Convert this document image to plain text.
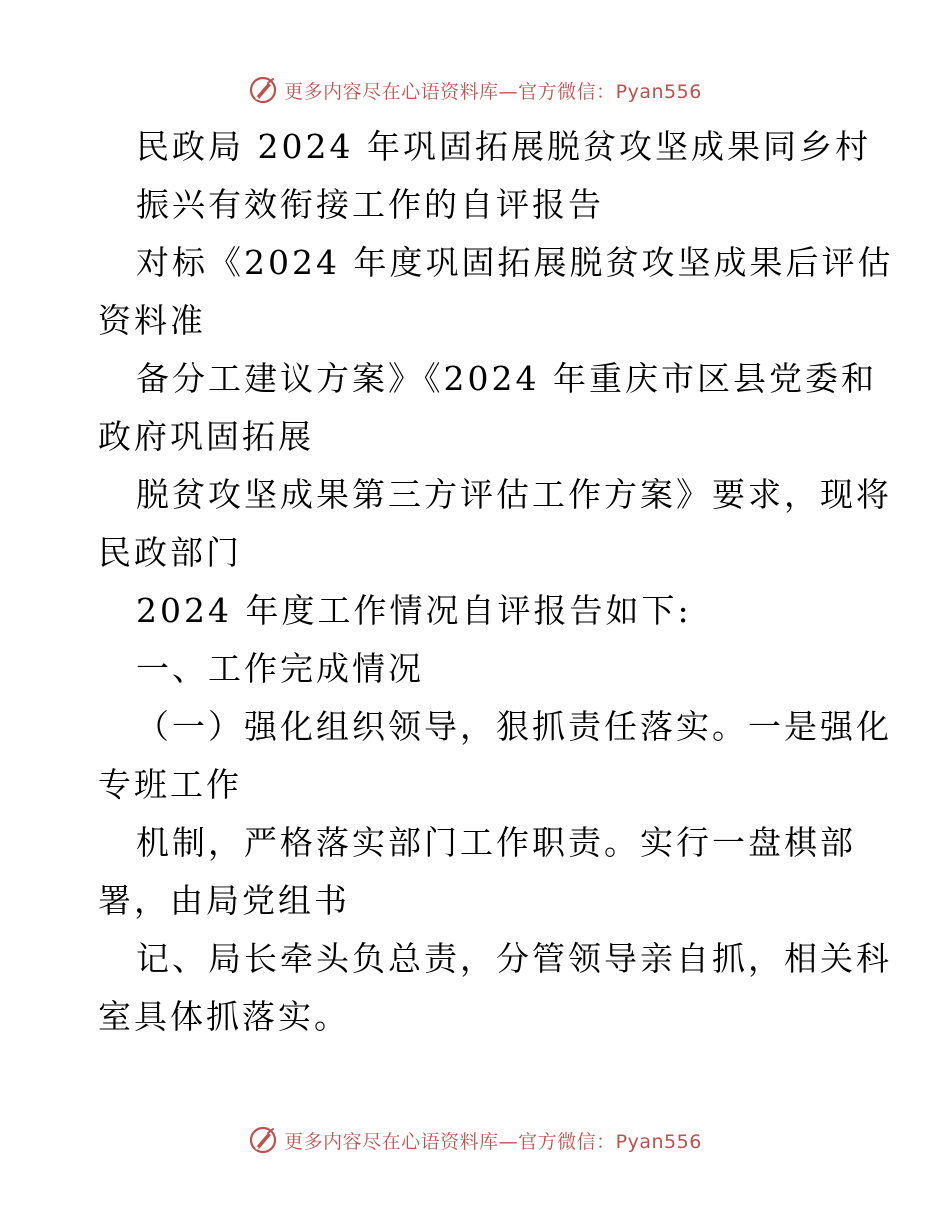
更多内容尽在心语资料库—官方微信：Pyan556
民政局 2024 年巩固拓展脱贫攻坚成果同乡村
振兴有效衔接工作的自评报告
对标《2024 年度巩固拓展脱贫攻坚成果后评估
资料准
备分工建议方案》《2024 年重庆市区县党委和
政府巩固拓展
脱贫攻坚成果第三方评估工作方案》要求，现将
民政部门
2024 年度工作情况自评报告如下:
一、工作完成情况
（一）强化组织领导，狠抓责任落实。一是强化
专班工作
机制，严格落实部门工作职责。实行一盘棋部
署，由局党组书
记、局长牵头负总责，分管领导亲自抓，相关科
室具体抓落实。
更多内容尽在心语资料库—官方微信：Pyan556
